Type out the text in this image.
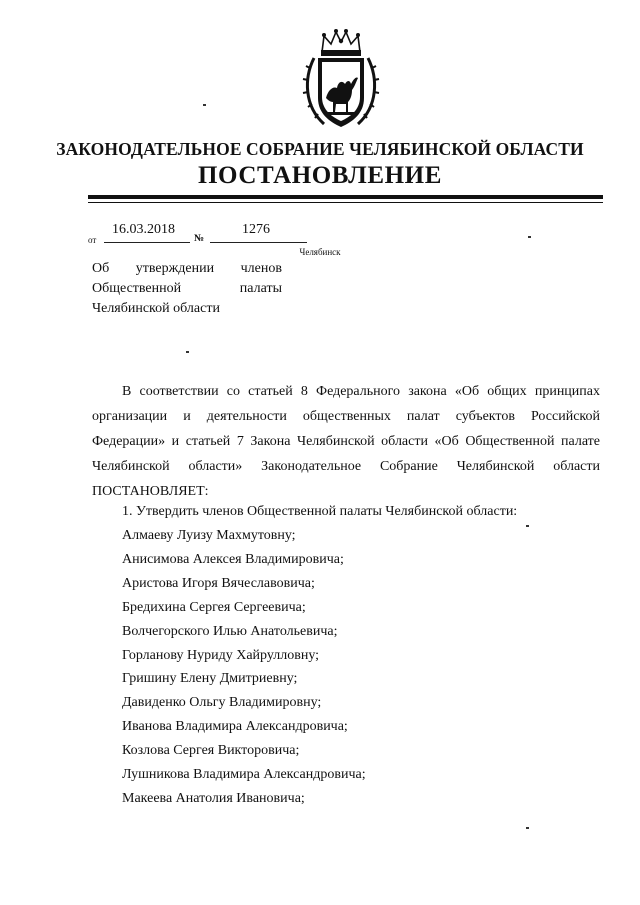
ЗАКОНОДАТЕЛЬНОЕ СОБРАНИЕ ЧЕЛЯБИНСКОЙ ОБЛАСТИ
ПОСТАНОВЛЕНИЕ
от
16.03.2018
№
1276
Челябинск
Об утверждении членов Общественной палаты Челябинской области
В соответствии со статьей 8 Федерального закона «Об общих принципах организации и деятельности общественных палат субъектов Российской Федерации» и статьей 7 Закона Челябинской области «Об Общественной палате Челябинской области» Законодательное Собрание Челябинской области ПОСТАНОВЛЯЕТ:
1. Утвердить членов Общественной палаты Челябинской области:
Алмаеву Луизу Махмутовну;
Анисимова Алексея Владимировича;
Аристова Игоря Вячеславовича;
Бредихина Сергея Сергеевича;
Волчегорского Илью Анатольевича;
Горланову Нуриду Хайрулловну;
Гришину Елену Дмитриевну;
Давиденко Ольгу Владимировну;
Иванова Владимира Александровича;
Козлова Сергея Викторовича;
Лушникова Владимира Александровича;
Макеева Анатолия Ивановича;
